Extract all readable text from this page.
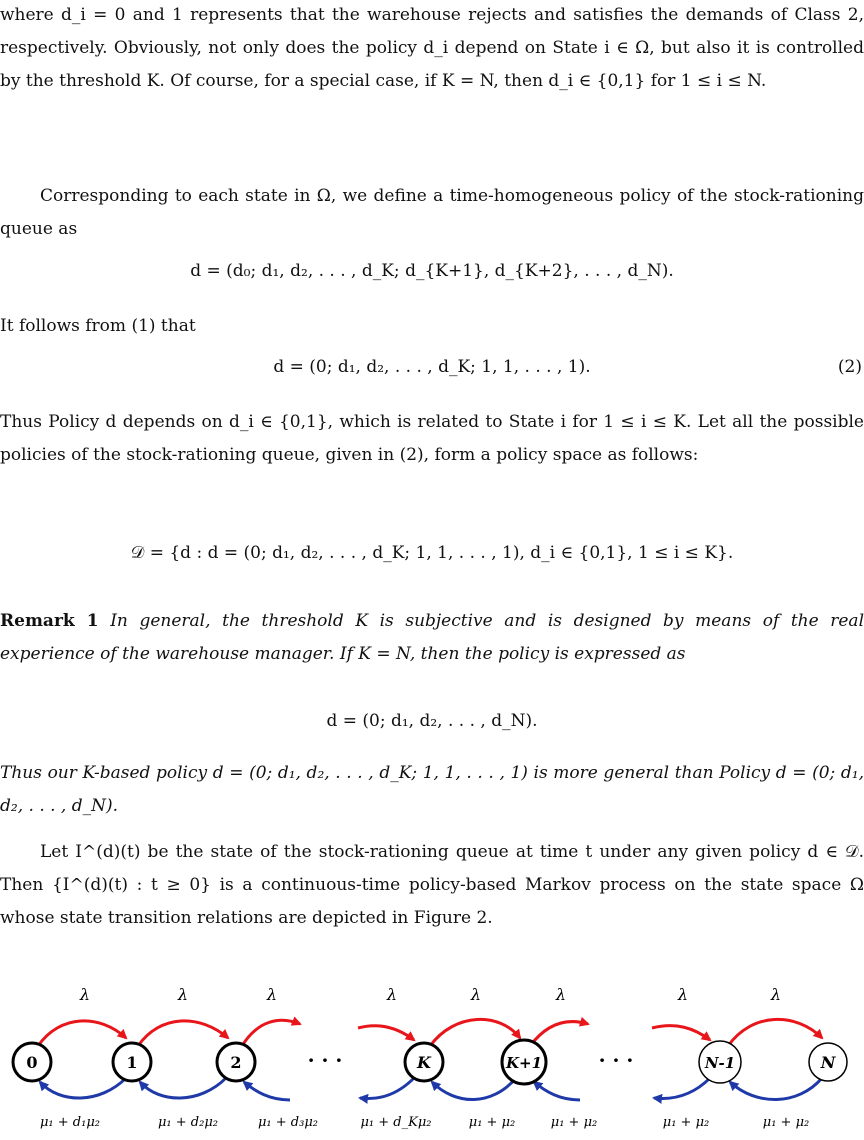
where d_i = 0 and 1 represents that the warehouse rejects and satisfies the demands of Class 2, respectively. Obviously, not only does the policy d_i depend on State i ∈ Ω, but also it is controlled by the threshold K. Of course, for a special case, if K = N, then d_i ∈ {0,1} for 1 ≤ i ≤ N.

Corresponding to each state in Ω, we define a time-homogeneous policy of the stock-rationing queue as

d = (d₀; d₁, d₂, . . . , d_K; d_{K+1}, d_{K+2}, . . . , d_N).

It follows from (1) that

d = (0; d₁, d₂, . . . , d_K; 1, 1, . . . , 1).	(2)

Thus Policy d depends on d_i ∈ {0,1}, which is related to State i for 1 ≤ i ≤ K. Let all the possible policies of the stock-rationing queue, given in (2), form a policy space as follows:

𝒟 = {d : d = (0; d₁, d₂, . . . , d_K; 1, 1, . . . , 1), d_i ∈ {0,1}, 1 ≤ i ≤ K}.

Remark 1 In general, the threshold K is subjective and is designed by means of the real experience of the warehouse manager. If K = N, then the policy is expressed as

d = (0; d₁, d₂, . . . , d_N).

Thus our K-based policy d = (0; d₁, d₂, . . . , d_K; 1, 1, . . . , 1) is more general than Policy d = (0; d₁, d₂, . . . , d_N).

Let I^(d)(t) be the state of the stock-rationing queue at time t under any given policy d ∈ 𝒟. Then {I^(d)(t) : t ≥ 0} is a continuous-time policy-based Markov process on the state space Ω whose state transition relations are depicted in Figure 2.

0	1	2	· · ·	K	K+1	· · ·	N-1	N
λ	λ	λ	λ	λ	λ	λ	λ
μ₁ + d₁μ₂	μ₁ + d₂μ₂	μ₁ + d₃μ₂	μ₁ + d_Kμ₂	μ₁ + μ₂	μ₁ + μ₂	μ₁ + μ₂	μ₁ + μ₂
